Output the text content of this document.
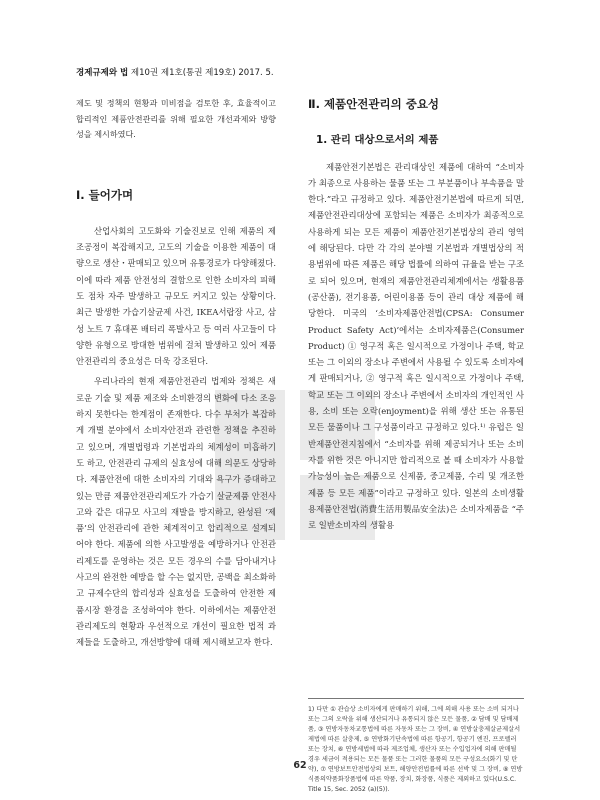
경제규제와 법 제10권 제1호(통권 제19호) 2017. 5.

제도 및 정책의 현황과 미비점을 검토한 후, 효율적이고 합리적인 제품안전관리를 위해 필요한 개선과제와 방향성을 제시하였다.

Ⅰ. 들어가며

산업사회의 고도화와 기술진보로 인해 제품의 제조공정이 복잡해지고, 고도의 기술을 이용한 제품이 대량으로 생산・판매되고 있으며 유통경로가 다양해졌다. 이에 따라 제품 안전성의 결함으로 인한 소비자의 피해도 점차 자주 발생하고 규모도 커지고 있는 상황이다. 최근 발생한 가습기살균제 사건, IKEA서랍장 사고, 삼성 노트 7 휴대폰 배터리 폭발사고 등 여러 사고들이 다양한 유형으로 방대한 범위에 걸쳐 발생하고 있어 제품안전관리의 중요성은 더욱 강조된다.

우리나라의 현재 제품안전관리 법제와 정책은 새로운 기술 및 제품 제조와 소비환경의 변화에 다소 조응하지 못한다는 한계점이 존재한다. 다수 부처가 복잡하게 개별 분야에서 소비자안전과 관련한 정책을 추진하고 있으며, 개별법령과 기본법과의 체계성이 미흡하기도 하고, 안전관리 규제의 실효성에 대해 의문도 상당하다. 제품안전에 대한 소비자의 기대와 욕구가 증대하고 있는 만큼 제품안전관리제도가 가습기 살균제품 안전사고와 같은 대규모 사고의 재발을 방지하고, 완성된 ‘제품’의 안전관리에 관한 체계적이고 합리적으로 설계되어야 한다. 제품에 의한 사고발생을 예방하거나 안전관리제도를 운영하는 것은 모든 경우의 수를 담아내거나 사고의 완전한 예방을 할 수는 없지만, 공백을 최소화하고 규제수단의 합리성과 실효성을 도출하여 안전한 제품시장 환경을 조성하여야 한다. 이하에서는 제품안전관리제도의 현황과 우선적으로 개선이 필요한 법적 과제들을 도출하고, 개선방향에 대해 제시해보고자 한다.

Ⅱ. 제품안전관리의 중요성
1. 관리 대상으로서의 제품

제품안전기본법은 관리대상인 제품에 대하여 “소비자가 최종으로 사용하는 물품 또는 그 부분품이나 부속품을 말한다.”라고 규정하고 있다. 제품안전기본법에 따르게 되면, 제품안전관리대상에 포함되는 제품은 소비자가 최종적으로 사용하게 되는 모든 제품이 제품안전기본법상의 관리 영역에 해당된다. 다만 각 각의 분야별 기본법과 개별법상의 적용범위에 따른 제품은 해당 법률에 의하여 규율을 받는 구조로 되어 있으며, 현재의 제품안전관리체계에서는 생활용품(공산품), 전기용품, 어린이용품 등이 관리 대상 제품에 해당한다. 미국의 ‘소비자제품안전법(CPSA: Consumer Product Safety Act)’에서는 소비자제품은(Consumer Product) ① 영구적 혹은 일시적으로 가정이나 주택, 학교 또는 그 이외의 장소나 주변에서 사용될 수 있도록 소비자에게 판매되거나, ② 영구적 혹은 일시적으로 가정이나 주택, 학교 또는 그 이외의 장소나 주변에서 소비자의 개인적인 사용, 소비 또는 오락(enjoyment)을 위해 생산 또는 유통된 모든 물품이나 그 구성품이라고 규정하고 있다.¹⁾ 유럽은 일반제품안전지침에서 “소비자를 위해 제공되거나 또는 소비자를 위한 것은 아니지만 합리적으로 볼 때 소비자가 사용할 가능성이 높은 제품으로 신제품, 중고제품, 수리 및 개조한 제품 등 모든 제품”이라고 규정하고 있다. 일본의 소비생활용제품안전법(消費生活用製品安全法)은 소비자제품을 “주로 일반소비자의 생활용

1) 다만 ① 관습상 소비자에게 판매하기 위해, 그에 의해 사용 또는 소비 되거나 또는 그의 오락을 위해 생산되거나 유통되지 않은 모든 물품, ② 담배 및 담배제품, ③ 연방자동차교통법에 따른 자동차 또는 그 장비, ④ 연방살충제살균제살서제법에 따른 살충제, ⑤ 연방화기단속법에 따른 항공기, 항공기 엔진, 프로펠러 또는 장치, ⑥ 연방세법에 따라 제조업체, 생산자 또는 수입업자에 의해 판매될 경우 세금이 적용되는 모든 물품 또는 그러한 물품의 모든 구성요소(화기 및 탄약), ⑦ 연방보트안전법상의 보트, 해양안전법률에 따른 선박 및 그 장비, ⑧ 연방식품의약품화장품법에 따른 약품, 장치, 화장품, 식품은 제외하고 있다(U.S.C. Title 15, Sec. 2052 (a)(5)).
62
